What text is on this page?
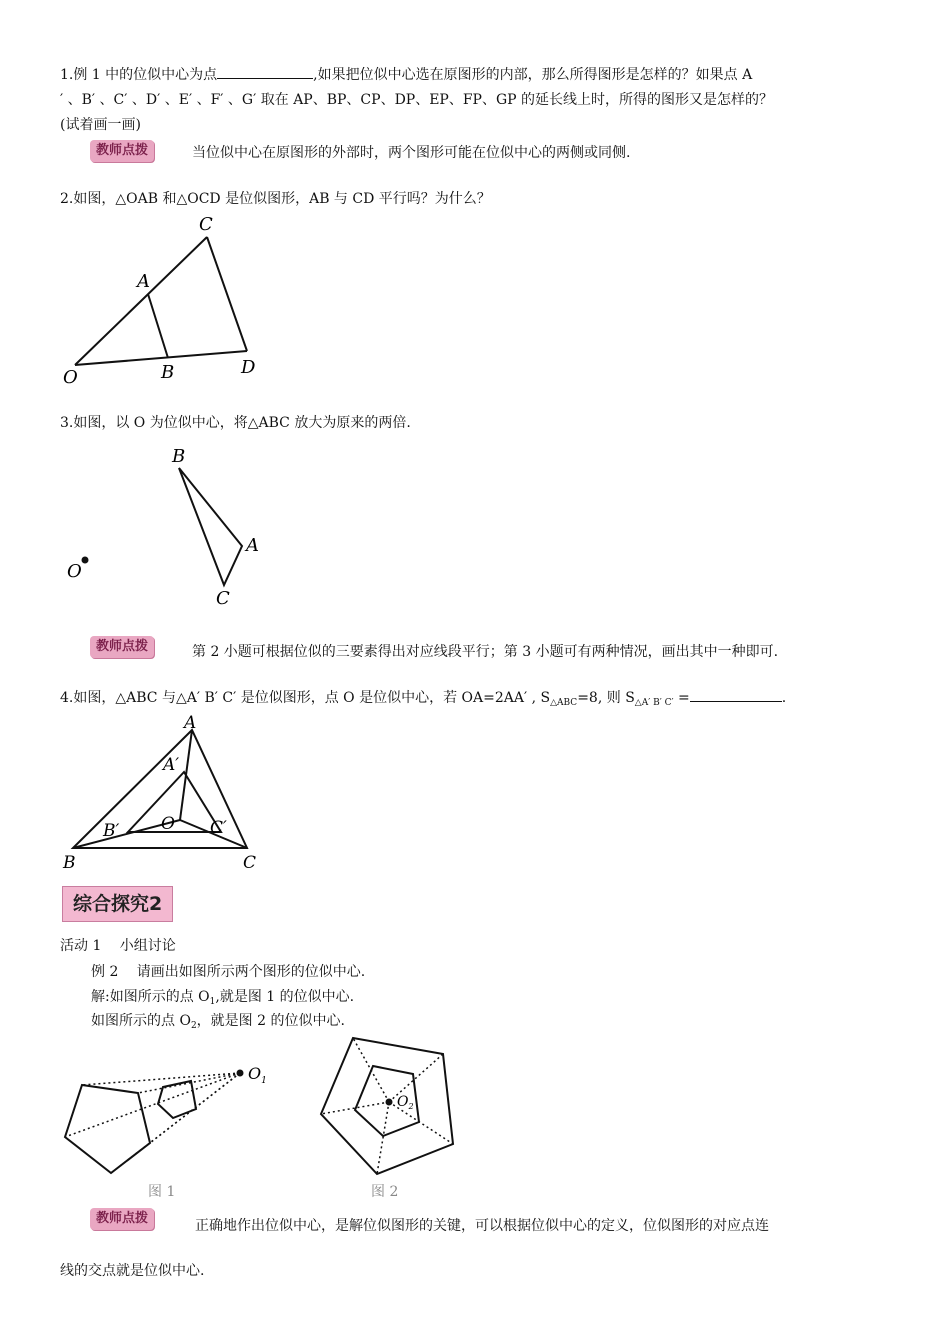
1.例 1 中的位似中心为点	,如果把位似中心选在原图形的内部，那么所得图形是怎样的？如果点 A
′ 、B′ 、C′ 、D′ 、E′ 、F′ 、G′ 取在 AP、BP、CP、DP、EP、FP、GP 的延长线上时，所得的图形又是怎样的？
(试着画一画)
教师点拨	当位似中心在原图形的外部时，两个图形可能在位似中心的两侧或同侧.
2.如图，△OAB 和△OCD 是位似图形，AB 与 CD 平行吗？为什么？
C
A
O	B	D
3.如图，以 O 为位似中心，将△ABC 放大为原来的两倍.
B
A
O
C
教师点拨	第 2 小题可根据位似的三要素得出对应线段平行；第 3 小题可有两种情况，画出其中一种即可.
4.如图，△ABC 与△A′ B′ C′ 是位似图形，点 O 是位似中心，若 OA=2AA′ , $S_{\triangle ABC}=8$, 则 $S_{\triangle A' B' C'}$ =	.
A
A′
B′ O C′
B	C
综合探究2
活动 1　 小组讨论
例 2 　请画出如图所示两个图形的位似中心.
解:如图所示的点 $O_1$,就是图 1 的位似中心.
如图所示的点 $O_2$，就是图 2 的位似中心.
$O_1$
图 1
$O_2$
图 2
教师点拨	正确地作出位似中心，是解位似图形的关键，可以根据位似中心的定义，位似图形的对应点连
线的交点就是位似中心.
